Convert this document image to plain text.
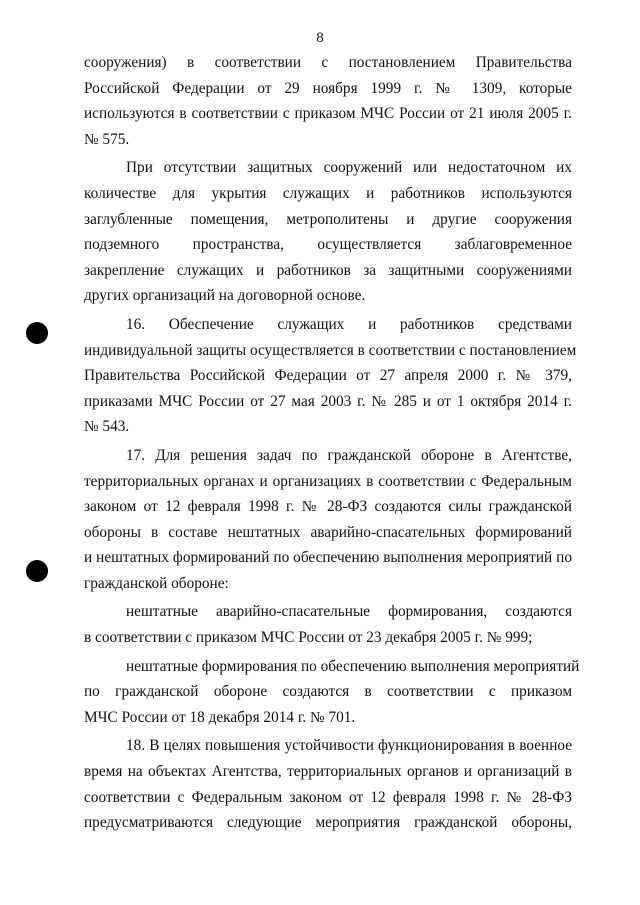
8
сооружения) в соответствии с постановлением Правительства
Российской Федерации от 29 ноября 1999 г. № 1309, которые
используются в соответствии с приказом МЧС России от 21 июля 2005 г.
№ 575.
При отсутствии защитных сооружений или недостаточном их
количестве для укрытия служащих и работников используются
заглубленные помещения, метрополитены и другие сооружения
подземного пространства, осуществляется заблаговременное
закрепление служащих и работников за защитными сооружениями
других организаций на договорной основе.
16. Обеспечение служащих и работников средствами
индивидуальной защиты осуществляется в соответствии с постановлением
Правительства Российской Федерации от 27 апреля 2000 г. № 379,
приказами МЧС России от 27 мая 2003 г. № 285 и от 1 октября 2014 г.
№ 543.
17. Для решения задач по гражданской обороне в Агентстве,
территориальных органах и организациях в соответствии с Федеральным
законом от 12 февраля 1998 г. № 28-ФЗ создаются силы гражданской
обороны в составе нештатных аварийно-спасательных формирований
и нештатных формирований по обеспечению выполнения мероприятий по
гражданской обороне:
нештатные аварийно-спасательные формирования, создаются
в соответствии с приказом МЧС России от 23 декабря 2005 г. № 999;
нештатные формирования по обеспечению выполнения мероприятий
по гражданской обороне создаются в соответствии с приказом
МЧС России от 18 декабря 2014 г. № 701.
18. В целях повышения устойчивости функционирования в военное
время на объектах Агентства, территориальных органов и организаций в
соответствии с Федеральным законом от 12 февраля 1998 г. № 28-ФЗ
предусматриваются следующие мероприятия гражданской обороны,
